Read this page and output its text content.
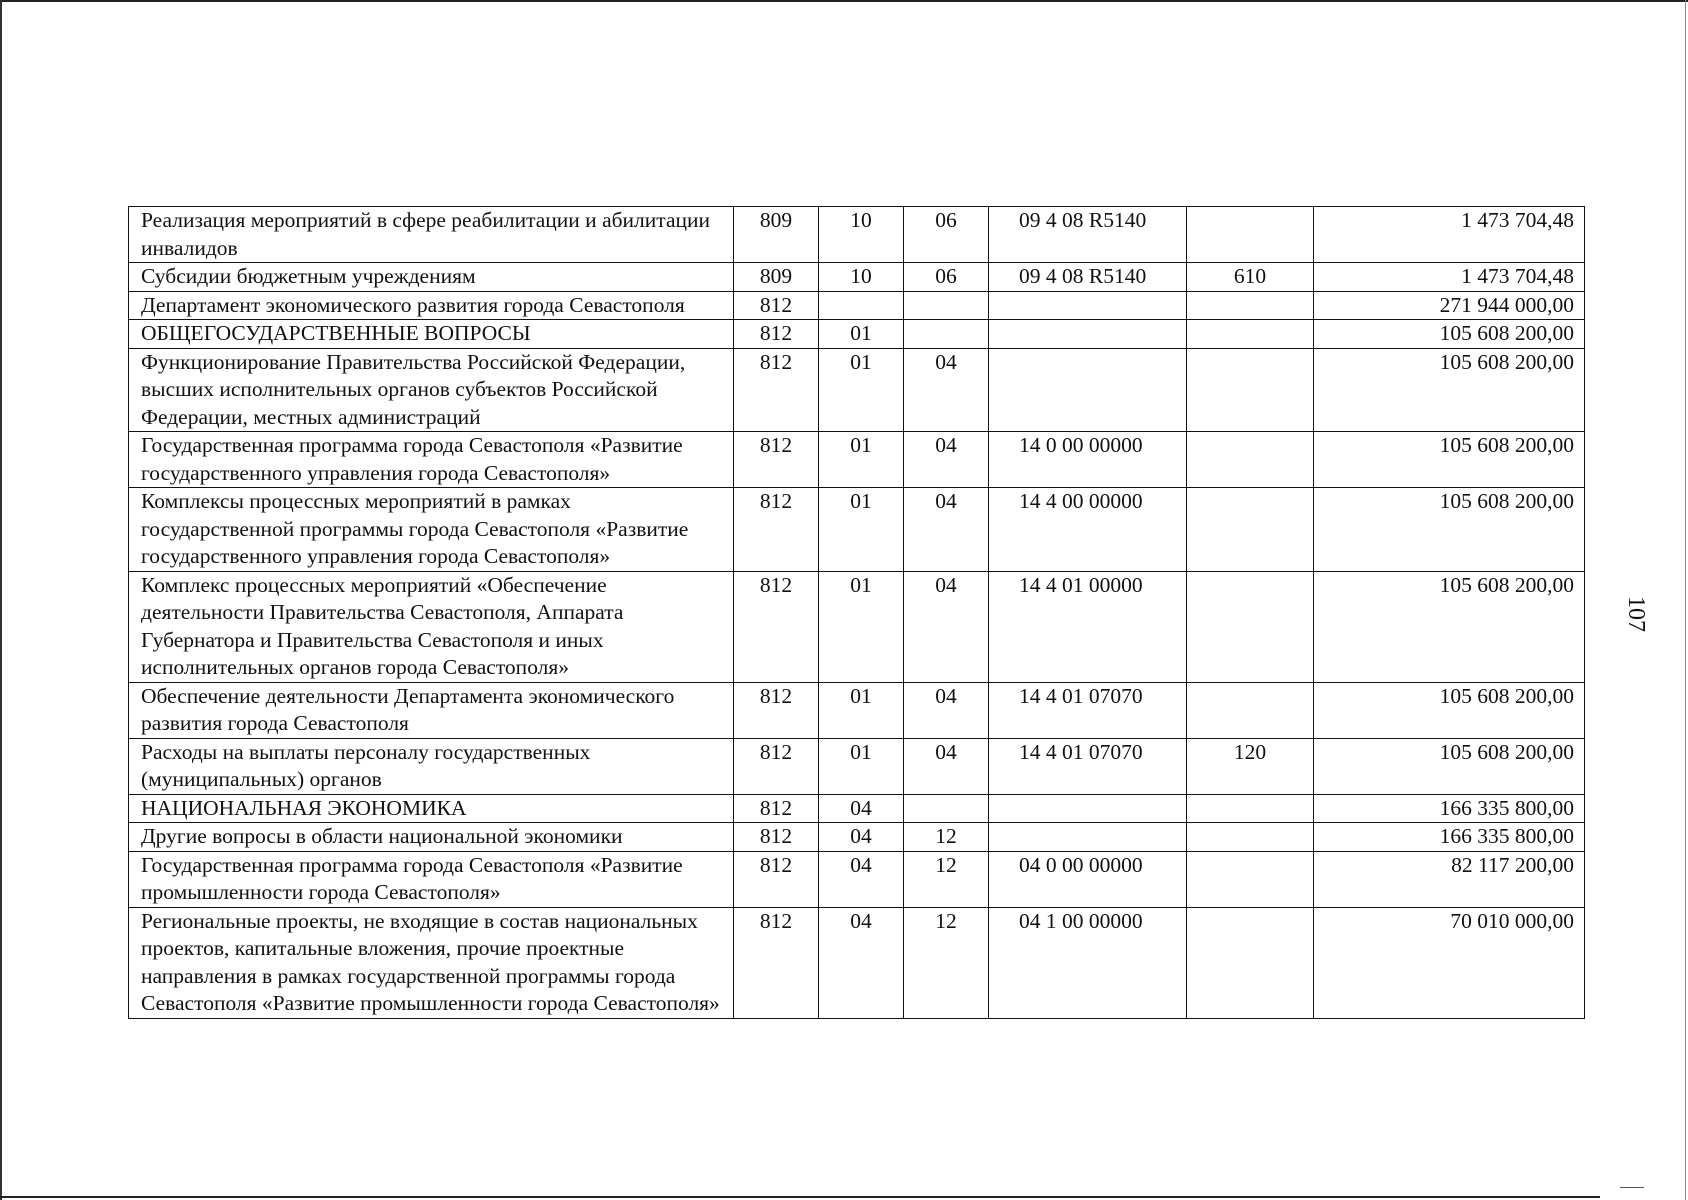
Реализация мероприятий в сфере реабилитации и абилитации инвалидов	809	10	06	09 4 08 R5140		1 473 704,48
Субсидии бюджетным учреждениям	809	10	06	09 4 08 R5140	610	1 473 704,48
Департамент экономического развития города Севастополя	812					271 944 000,00
ОБЩЕГОСУДАРСТВЕННЫЕ ВОПРОСЫ	812	01				105 608 200,00
Функционирование Правительства Российской Федерации, высших исполнительных органов субъектов Российской Федерации, местных администраций	812	01	04			105 608 200,00
Государственная программа города Севастополя «Развитие государственного управления города Севастополя»	812	01	04	14 0 00 00000		105 608 200,00
Комплексы процессных мероприятий в рамках государственной программы города Севастополя «Развитие государственного управления города Севастополя»	812	01	04	14 4 00 00000		105 608 200,00
Комплекс процессных мероприятий «Обеспечение деятельности Правительства Севастополя, Аппарата Губернатора и Правительства Севастополя и иных исполнительных органов города Севастополя»	812	01	04	14 4 01 00000		105 608 200,00
Обеспечение деятельности Департамента экономического развития города Севастополя	812	01	04	14 4 01 07070		105 608 200,00
Расходы на выплаты персоналу государственных (муниципальных) органов	812	01	04	14 4 01 07070	120	105 608 200,00
НАЦИОНАЛЬНАЯ ЭКОНОМИКА	812	04				166 335 800,00
Другие вопросы в области национальной экономики	812	04	12			166 335 800,00
Государственная программа города Севастополя «Развитие промышленности города Севастополя»	812	04	12	04 0 00 00000		82 117 200,00
Региональные проекты, не входящие в состав национальных проектов, капитальные вложения, прочие проектные направления в рамках государственной программы города Севастополя «Развитие промышленности города Севастополя»	812	04	12	04 1 00 00000		70 010 000,00
107
